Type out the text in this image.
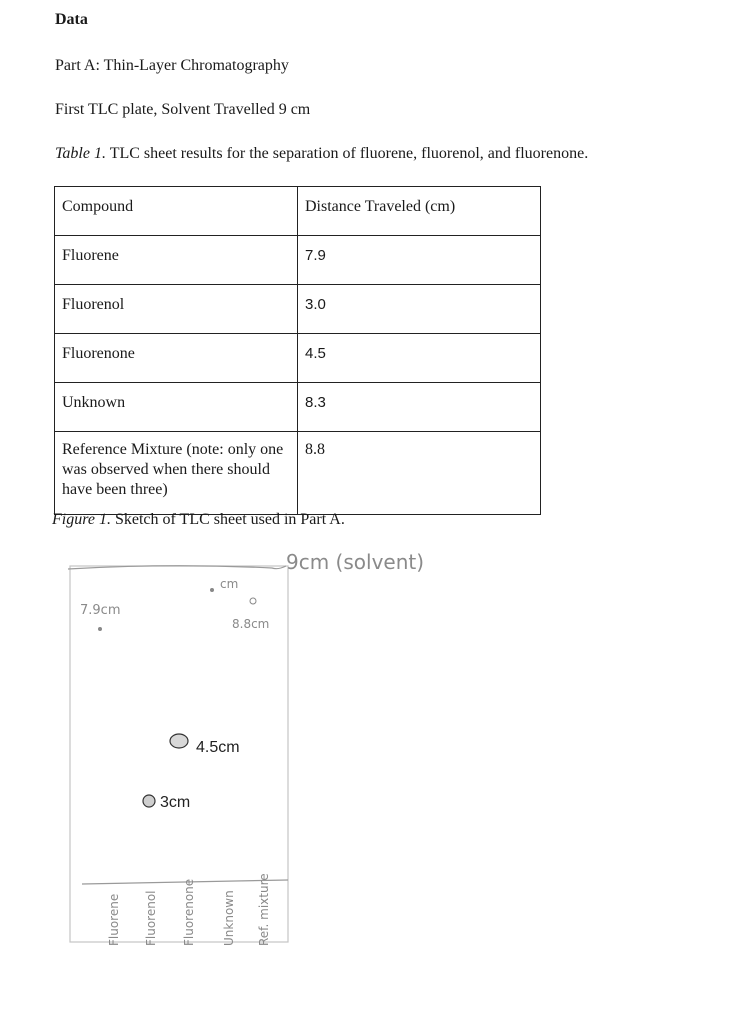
Data
Part A: Thin-Layer Chromatography
First TLC plate, Solvent Travelled 9 cm
Table 1. TLC sheet results for the separation of fluorene, fluorenol, and fluorenone.
Compound	Distance Traveled (cm)
Fluorene	7.9
Fluorenol	3.0
Fluorenone	4.5
Unknown	8.3
Reference Mixture (note: only one was observed when there should have been three)	8.8
Figure 1. Sketch of TLC sheet used in Part A.
9cm (solvent)
7.9cm
cm
8.8cm
4.5cm
3cm
Fluorene Fluorenol Fluorenone Unknown Ref. mixture
